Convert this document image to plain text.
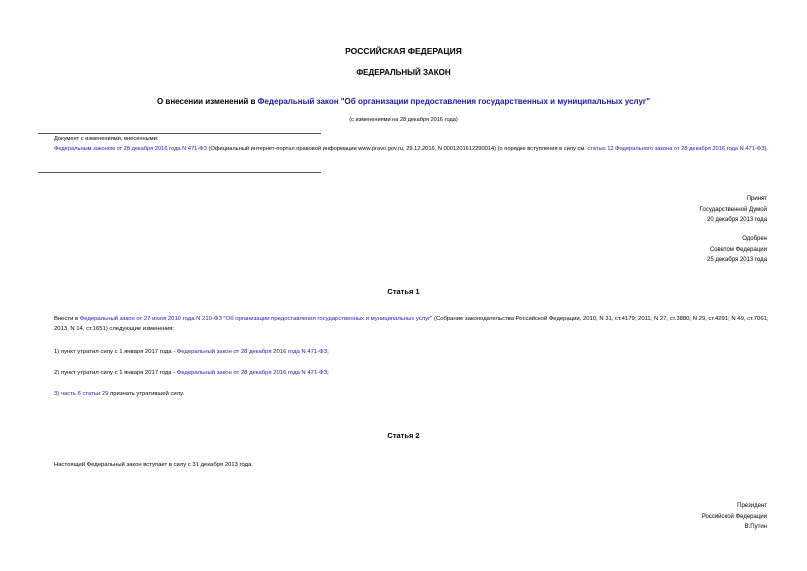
РОССИЙСКАЯ ФЕДЕРАЦИЯ
ФЕДЕРАЛЬНЫЙ ЗАКОН
О внесении изменений в Федеральный закон "Об организации предоставления государственных и муниципальных услуг"
(с изменениями на 28 декабря 2016 года)
Документ с изменениями, внесенными:
Федеральным законом от 28 декабря 2016 года N 471-ФЗ (Официальный интернет-портал правовой информации www.pravo.gov.ru, 29.12.2016, N 0001201612290014) (о порядке вступления в силу см. статью 12 Федерального закона от 28 декабря 2016 года N 471-ФЗ).
Принят
Государственной Думой
20 декабря 2013 года
Одобрен
Советом Федерации
25 декабря 2013 года
Статья 1
Внести в Федеральный закон от 27 июля 2010 года N 210-ФЗ "Об организации предоставления государственных и муниципальных услуг" (Собрание законодательства Российской Федерации, 2010, N 31, ст.4179; 2011, N 27, ст.3880; N 29, ст.4291; N 49, ст.7061; 2013, N 14, ст.1651) следующие изменения:
1) пункт утратил силу с 1 января 2017 года - Федеральный закон от 28 декабря 2016 года N 471-ФЗ;
2) пункт утратил силу с 1 января 2017 года - Федеральный закон от 28 декабря 2016 года N 471-ФЗ;
3) часть 6 статьи 29 признать утратившей силу.
Статья 2
Настоящий Федеральный закон вступает в силу с 31 декабря 2013 года.
Президент
Российской Федерации
В.Путин
